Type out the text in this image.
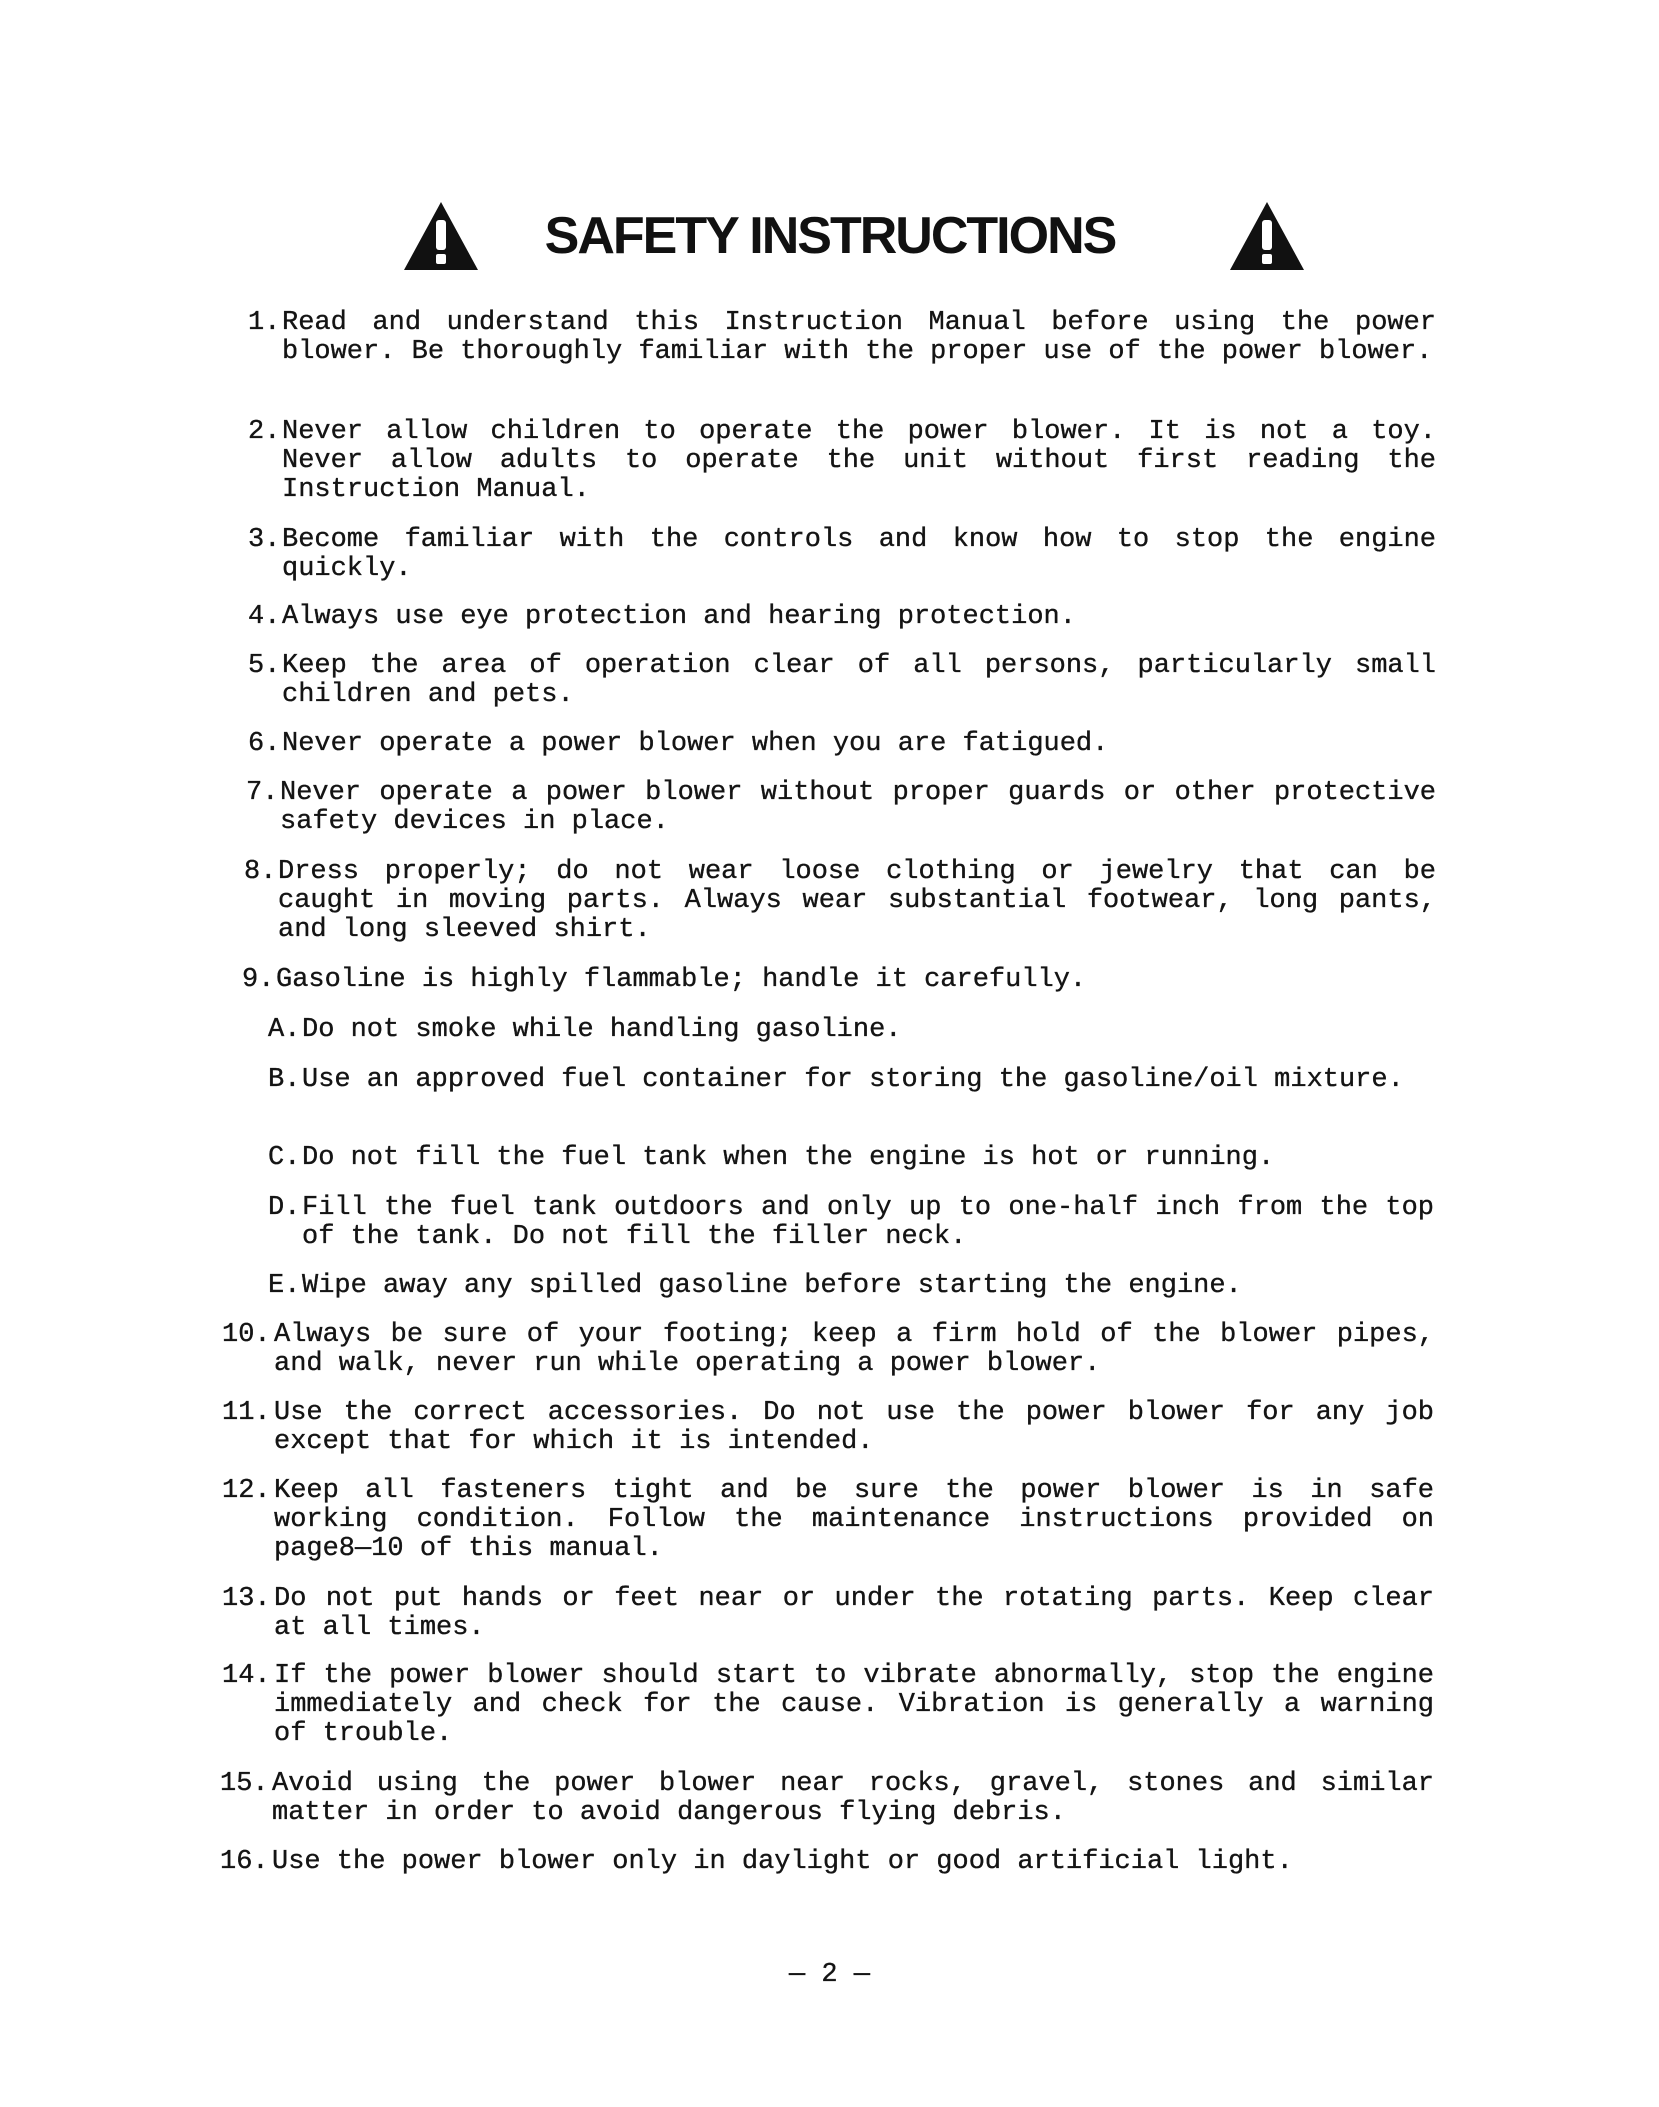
SAFETY INSTRUCTIONS
1. Read and understand this Instruction Manual before using the power blower. Be thoroughly familiar with the proper use of the power blower.
2. Never allow children to operate the power blower. It is not a toy. Never allow adults to operate the unit without first reading the Instruction Manual.
3. Become familiar with the controls and know how to stop the engine quickly.
4. Always use eye protection and hearing protection.
5. Keep the area of operation clear of all persons, particularly small children and pets.
6. Never operate a power blower when you are fatigued.
7. Never operate a power blower without proper guards or other protective safety devices in place.
8. Dress properly; do not wear loose clothing or jewelry that can be caught in moving parts. Always wear substantial footwear, long pants, and long sleeved shirt.
9. Gasoline is highly flammable; handle it carefully.
A. Do not smoke while handling gasoline.
B. Use an approved fuel container for storing the gasoline/oil mixture.
C. Do not fill the fuel tank when the engine is hot or running.
D. Fill the fuel tank outdoors and only up to one-half inch from the top of the tank. Do not fill the filler neck.
E. Wipe away any spilled gasoline before starting the engine.
10. Always be sure of your footing; keep a firm hold of the blower pipes, and walk, never run while operating a power blower.
11. Use the correct accessories. Do not use the power blower for any job except that for which it is intended.
12. Keep all fasteners tight and be sure the power blower is in safe working condition. Follow the maintenance instructions provided on page8—10 of this manual.
13. Do not put hands or feet near or under the rotating parts. Keep clear at all times.
14. If the power blower should start to vibrate abnormally, stop the engine immediately and check for the cause. Vibration is generally a warning of trouble.
15. Avoid using the power blower near rocks, gravel, stones and similar matter in order to avoid dangerous flying debris.
16. Use the power blower only in daylight or good artificial light.
— 2 —
